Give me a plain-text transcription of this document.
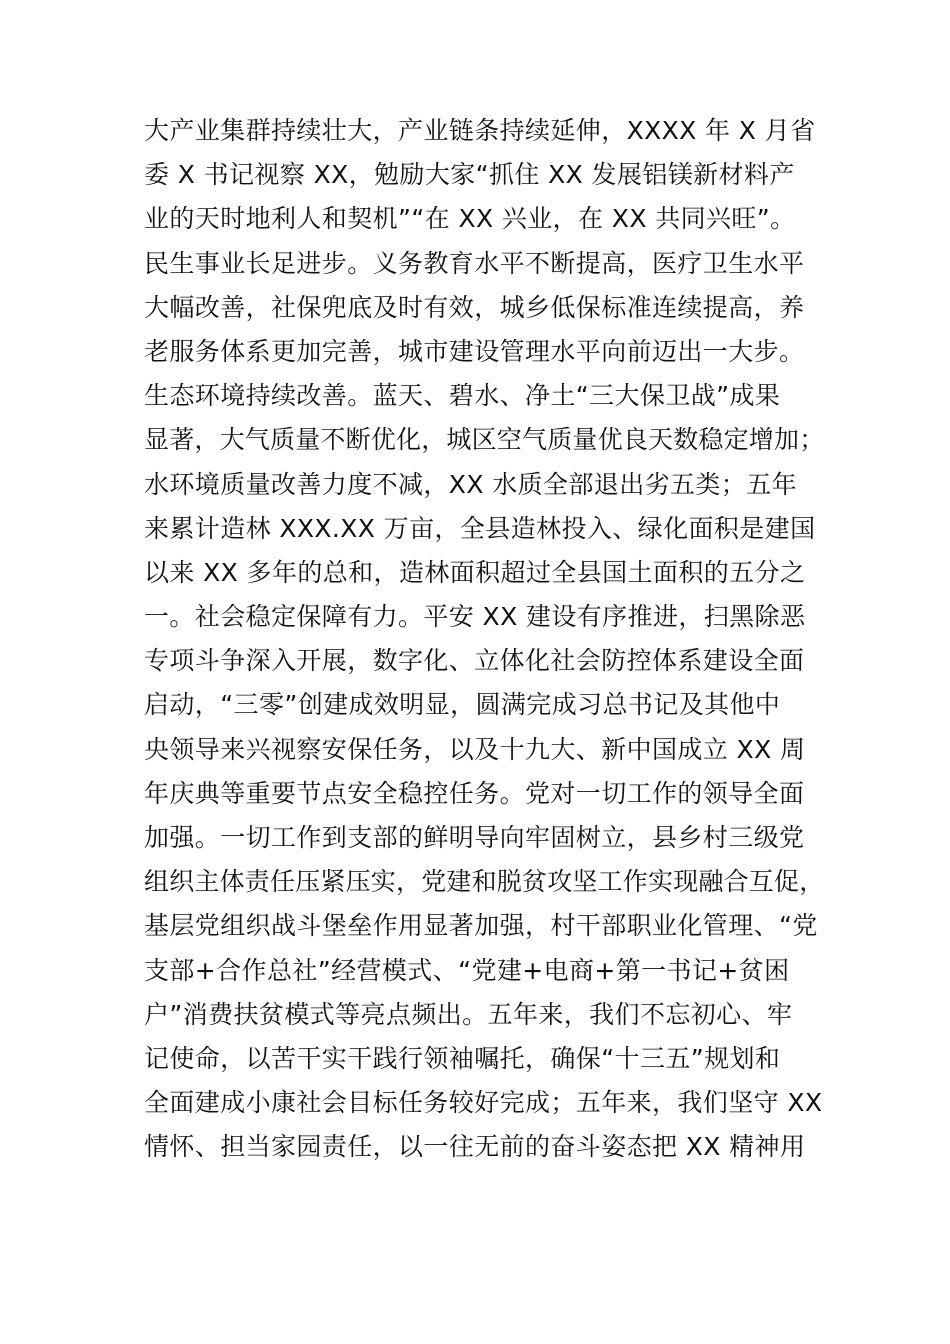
大产业集群持续壮大，产业链条持续延伸，XXXX 年 X 月省
委 X 书记视察 XX，勉励大家“抓住 XX 发展铝镁新材料产
业的天时地利人和契机”“在 XX 兴业，在 XX 共同兴旺”。
民生事业长足进步。义务教育水平不断提高，医疗卫生水平
大幅改善，社保兜底及时有效，城乡低保标准连续提高，养
老服务体系更加完善，城市建设管理水平向前迈出一大步。
生态环境持续改善。蓝天、碧水、净土“三大保卫战”成果
显著，大气质量不断优化，城区空气质量优良天数稳定增加；
水环境质量改善力度不减，XX 水质全部退出劣五类；五年
来累计造林 XXX.XX 万亩，全县造林投入、绿化面积是建国
以来 XX 多年的总和，造林面积超过全县国土面积的五分之
一。社会稳定保障有力。平安 XX 建设有序推进，扫黑除恶
专项斗争深入开展，数字化、立体化社会防控体系建设全面
启动，“三零”创建成效明显，圆满完成习总书记及其他中
央领导来兴视察安保任务，以及十九大、新中国成立 XX 周
年庆典等重要节点安全稳控任务。党对一切工作的领导全面
加强。一切工作到支部的鲜明导向牢固树立，县乡村三级党
组织主体责任压紧压实，党建和脱贫攻坚工作实现融合互促，
基层党组织战斗堡垒作用显著加强，村干部职业化管理、“党
支部+合作总社”经营模式、“党建+电商+第一书记+贫困
户”消费扶贫模式等亮点频出。五年来，我们不忘初心、牢
记使命，以苦干实干践行领袖嘱托，确保“十三五”规划和
全面建成小康社会目标任务较好完成；五年来，我们坚守 XX
情怀、担当家园责任，以一往无前的奋斗姿态把 XX 精神用
